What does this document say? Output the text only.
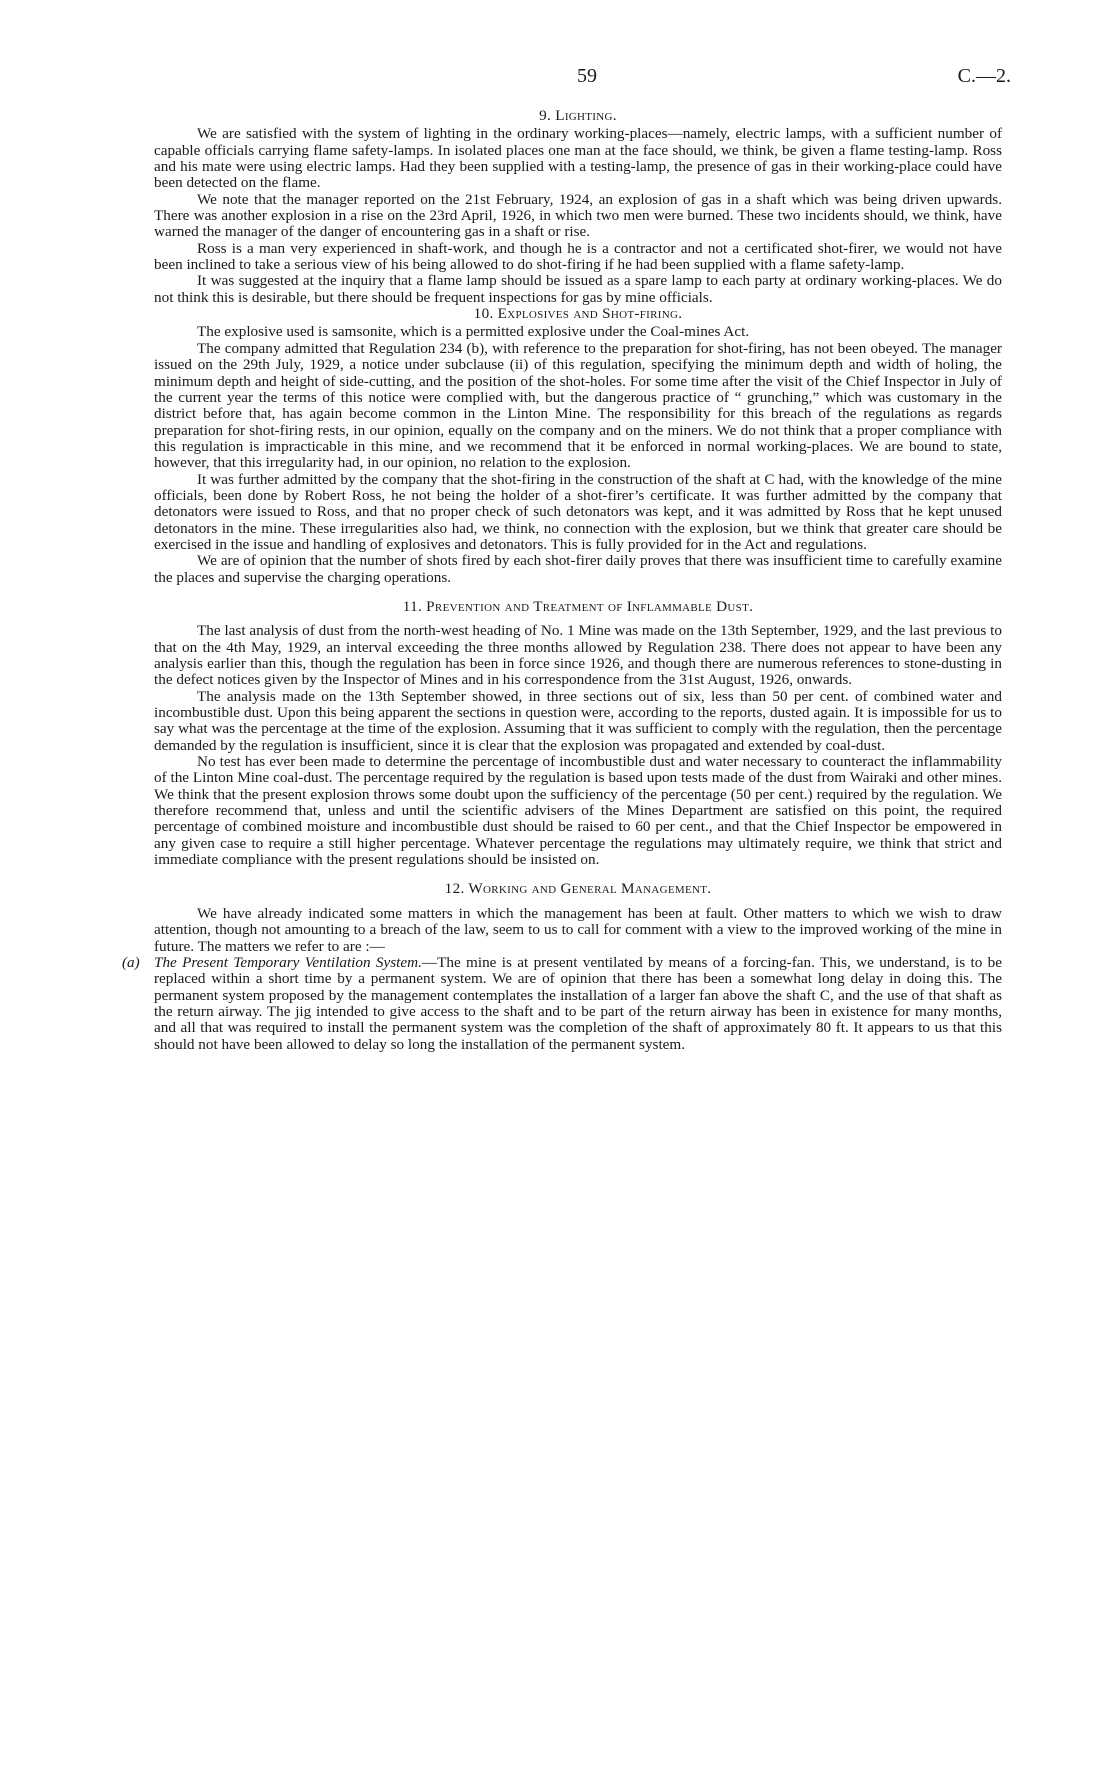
59	C.—2.
9. Lighting.

We are satisfied with the system of lighting in the ordinary working-places—namely, electric lamps, with a sufficient number of capable officials carrying flame safety-lamps. In isolated places one man at the face should, we think, be given a flame testing-lamp. Ross and his mate were using electric lamps. Had they been supplied with a testing-lamp, the presence of gas in their working-place could have been detected on the flame.

We note that the manager reported on the 21st February, 1924, an explosion of gas in a shaft which was being driven upwards. There was another explosion in a rise on the 23rd April, 1926, in which two men were burned. These two incidents should, we think, have warned the manager of the danger of encountering gas in a shaft or rise.

Ross is a man very experienced in shaft-work, and though he is a contractor and not a certificated shot-firer, we would not have been inclined to take a serious view of his being allowed to do shot-firing if he had been supplied with a flame safety-lamp.

It was suggested at the inquiry that a flame lamp should be issued as a spare lamp to each party at ordinary working-places. We do not think this is desirable, but there should be frequent inspections for gas by mine officials.

10. Explosives and Shot-firing.

The explosive used is samsonite, which is a permitted explosive under the Coal-mines Act.

The company admitted that Regulation 234 (b), with reference to the preparation for shot-firing, has not been obeyed. The manager issued on the 29th July, 1929, a notice under subclause (ii) of this regulation, specifying the minimum depth and width of holing, the minimum depth and height of side-cutting, and the position of the shot-holes. For some time after the visit of the Chief Inspector in July of the current year the terms of this notice were complied with, but the dangerous practice of “ grunching,” which was customary in the district before that, has again become common in the Linton Mine. The responsibility for this breach of the regulations as regards preparation for shot-firing rests, in our opinion, equally on the company and on the miners. We do not think that a proper compliance with this regulation is impracticable in this mine, and we recommend that it be enforced in normal working-places. We are bound to state, however, that this irregularity had, in our opinion, no relation to the explosion.

It was further admitted by the company that the shot-firing in the construction of the shaft at C had, with the knowledge of the mine officials, been done by Robert Ross, he not being the holder of a shot-firer’s certificate. It was further admitted by the company that detonators were issued to Ross, and that no proper check of such detonators was kept, and it was admitted by Ross that he kept unused detonators in the mine. These irregularities also had, we think, no connection with the explosion, but we think that greater care should be exercised in the issue and handling of explosives and detonators. This is fully provided for in the Act and regulations.

We are of opinion that the number of shots fired by each shot-firer daily proves that there was insufficient time to carefully examine the places and supervise the charging operations.

11. Prevention and Treatment of Inflammable Dust.

The last analysis of dust from the north-west heading of No. 1 Mine was made on the 13th September, 1929, and the last previous to that on the 4th May, 1929, an interval exceeding the three months allowed by Regulation 238. There does not appear to have been any analysis earlier than this, though the regulation has been in force since 1926, and though there are numerous references to stone-dusting in the defect notices given by the Inspector of Mines and in his correspondence from the 31st August, 1926, onwards.

The analysis made on the 13th September showed, in three sections out of six, less than 50 per cent. of combined water and incombustible dust. Upon this being apparent the sections in question were, according to the reports, dusted again. It is impossible for us to say what was the percentage at the time of the explosion. Assuming that it was sufficient to comply with the regulation, then the percentage demanded by the regulation is insufficient, since it is clear that the explosion was propagated and extended by coal-dust.

No test has ever been made to determine the percentage of incombustible dust and water necessary to counteract the inflammability of the Linton Mine coal-dust. The percentage required by the regulation is based upon tests made of the dust from Wairaki and other mines. We think that the present explosion throws some doubt upon the sufficiency of the percentage (50 per cent.) required by the regulation. We therefore recommend that, unless and until the scientific advisers of the Mines Department are satisfied on this point, the required percentage of combined moisture and incombustible dust should be raised to 60 per cent., and that the Chief Inspector be empowered in any given case to require a still higher percentage. Whatever percentage the regulations may ultimately require, we think that strict and immediate compliance with the present regulations should be insisted on.

12. Working and General Management.

We have already indicated some matters in which the management has been at fault. Other matters to which we wish to draw attention, though not amounting to a breach of the law, seem to us to call for comment with a view to the improved working of the mine in future. The matters we refer to are :—

(a) The Present Temporary Ventilation System.—The mine is at present ventilated by means of a forcing-fan. This, we understand, is to be replaced within a short time by a permanent system. We are of opinion that there has been a somewhat long delay in doing this. The permanent system proposed by the management contemplates the installation of a larger fan above the shaft C, and the use of that shaft as the return airway. The jig intended to give access to the shaft and to be part of the return airway has been in existence for many months, and all that was required to install the permanent system was the completion of the shaft of approximately 80 ft. It appears to us that this should not have been allowed to delay so long the installation of the permanent system.
